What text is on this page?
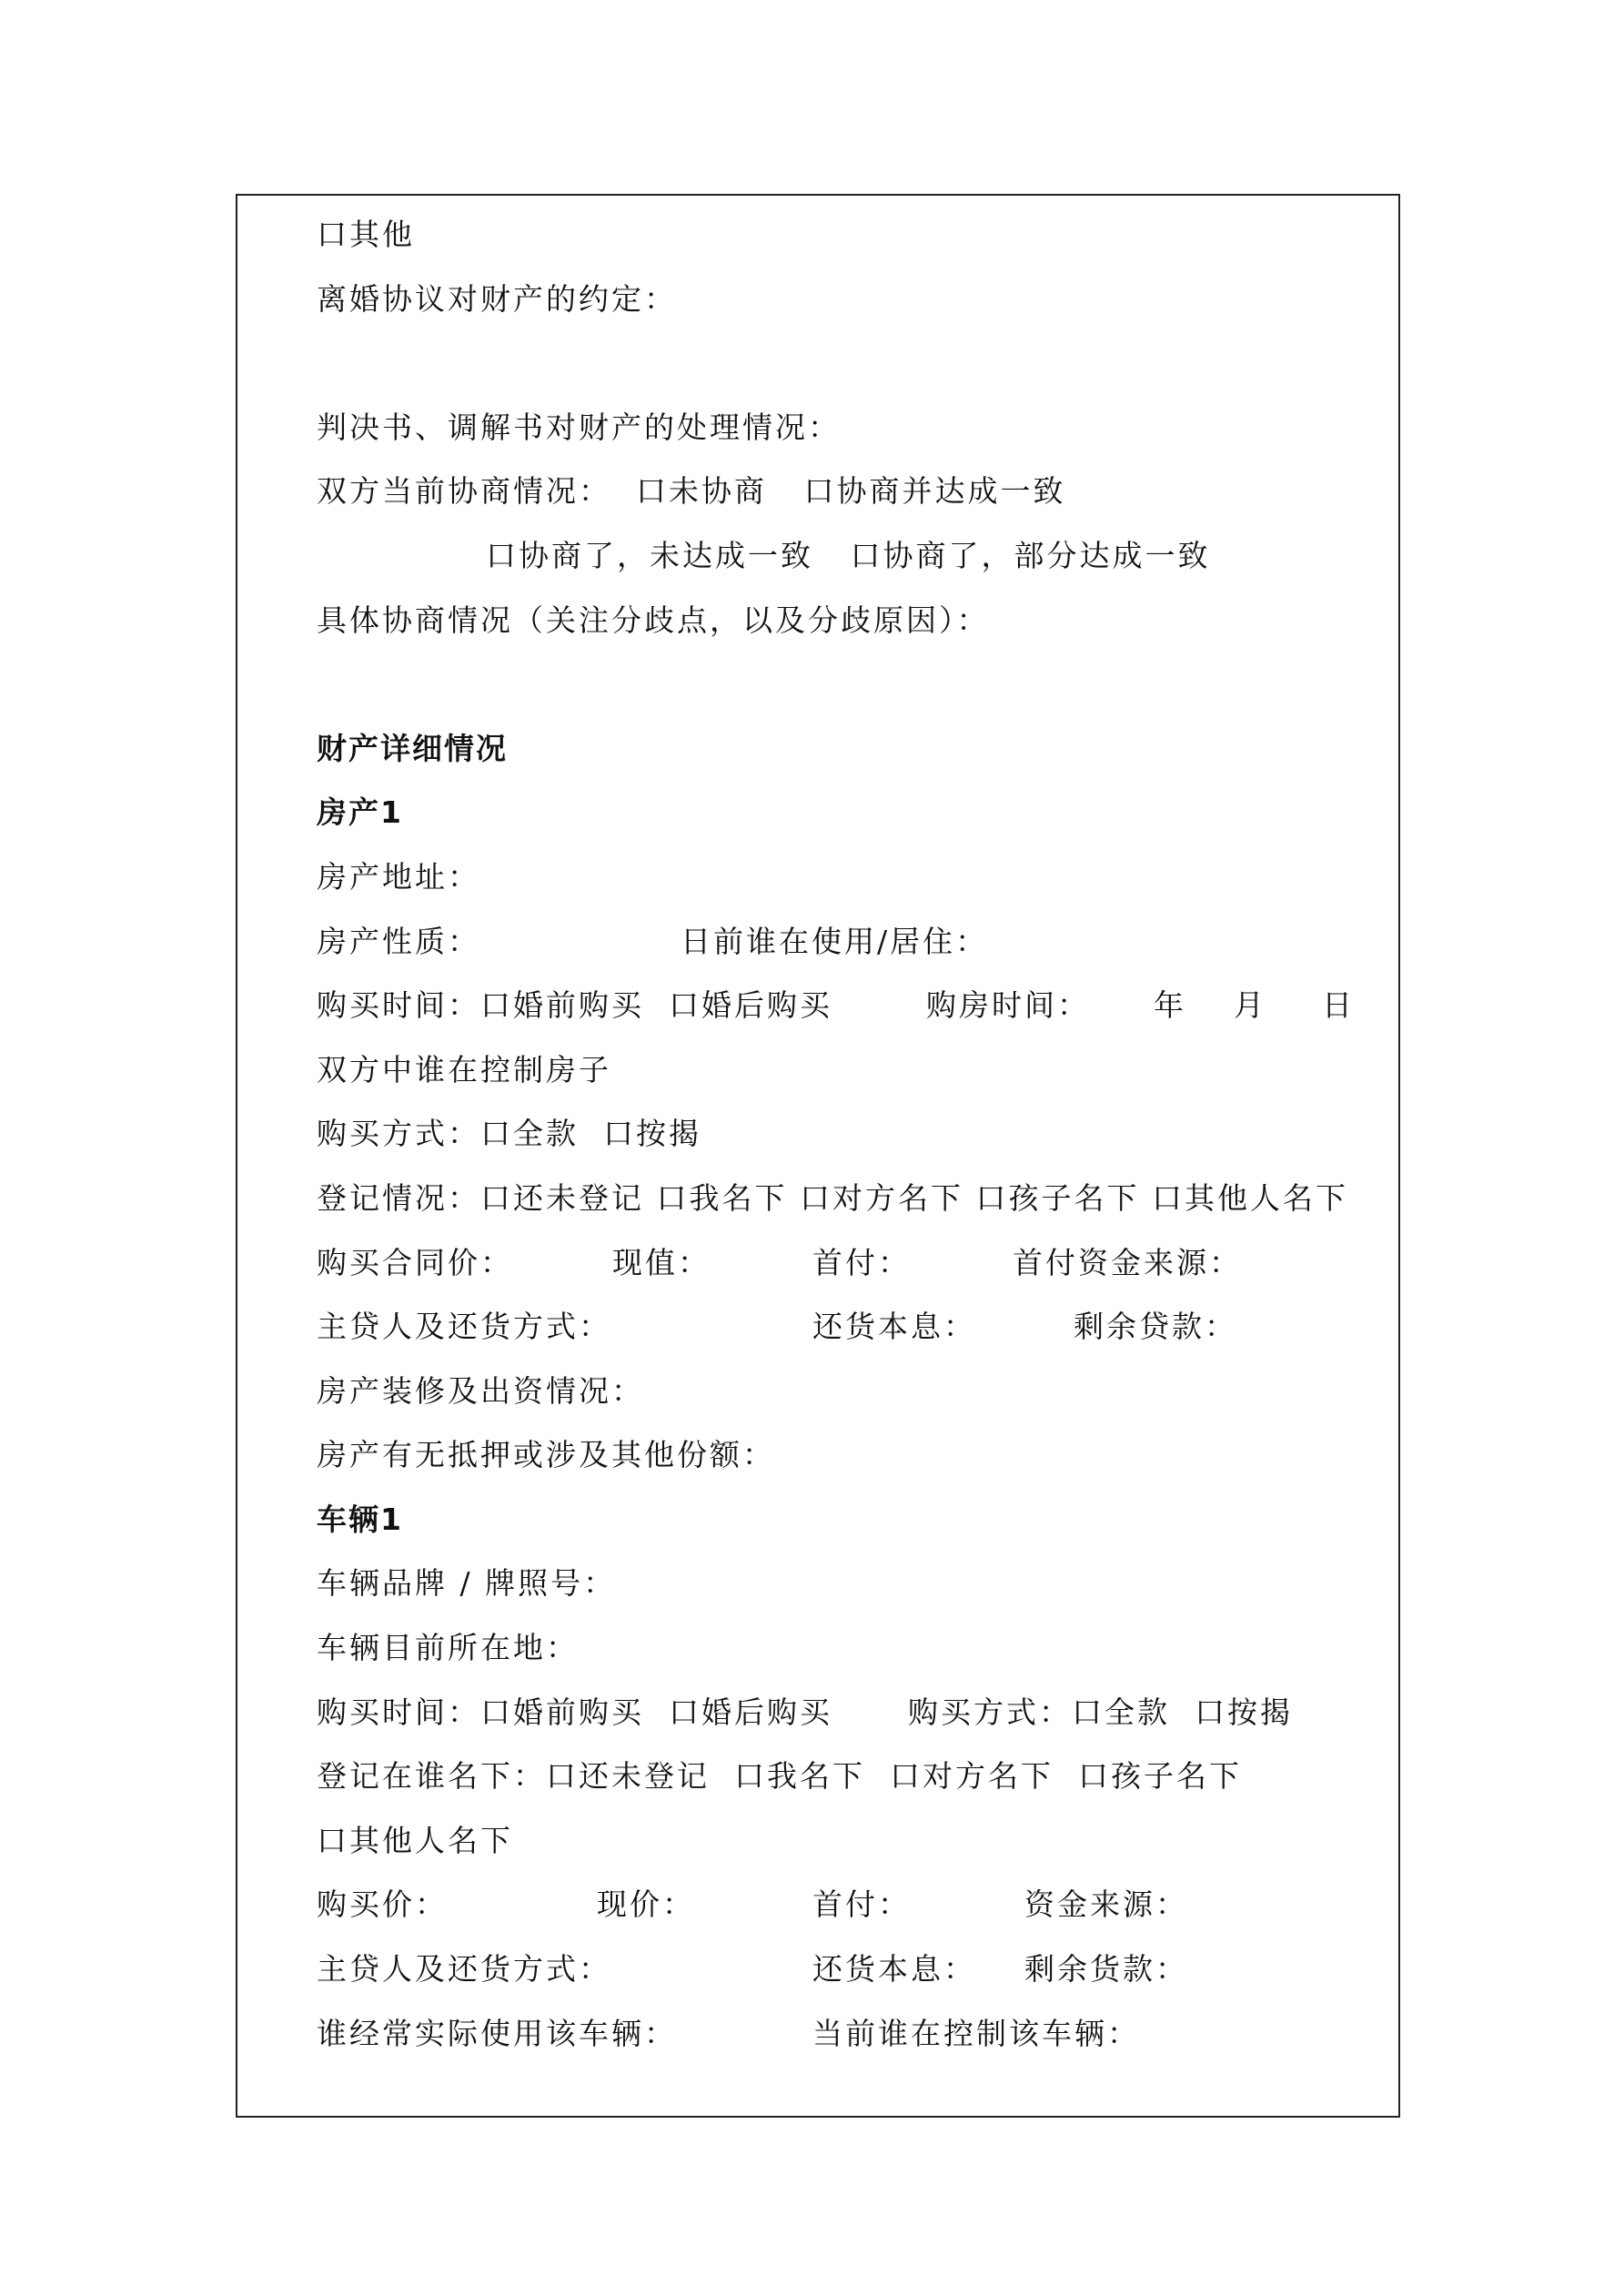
口其他
离婚协议对财产的约定：
判决书、调解书对财产的处理情况：
双方当前协商情况：  口未协商   口协商并达成一致
口协商了，未达成一致   口协商了，部分达成一致
具体协商情况（关注分歧点，以及分歧原因）：
财产详细情况
房产1
房产地址：

房产性质：

	日前谁在使用/居住：

购买时间：口婚前购买  口婚后购买

	购房时间：

年

月

日

双方中谁在控制房子
购买方式：口全款  口按揭
登记情况：口还未登记 口我名下 口对方名下 口孩子名下 口其他人名下

购买合同价：

	现值：

	首付：

	首付资金来源：

主贷人及还货方式：

	还货本息：

	剩余贷款：

房产装修及出资情况：
房产有无抵押或涉及其他份额：
车辆1
车辆品牌 / 牌照号：
车辆目前所在地：

购买时间：口婚前购买  口婚后购买

	购买方式：口全款  口按揭

登记在谁名下：口还未登记  口我名下  口对方名下  口孩子名下
口其他人名下

购买价：

	现价：

	首付：

	资金来源：

主贷人及还货方式：

	还货本息：

剩余货款：

谁经常实际使用该车辆：

	当前谁在控制该车辆：
